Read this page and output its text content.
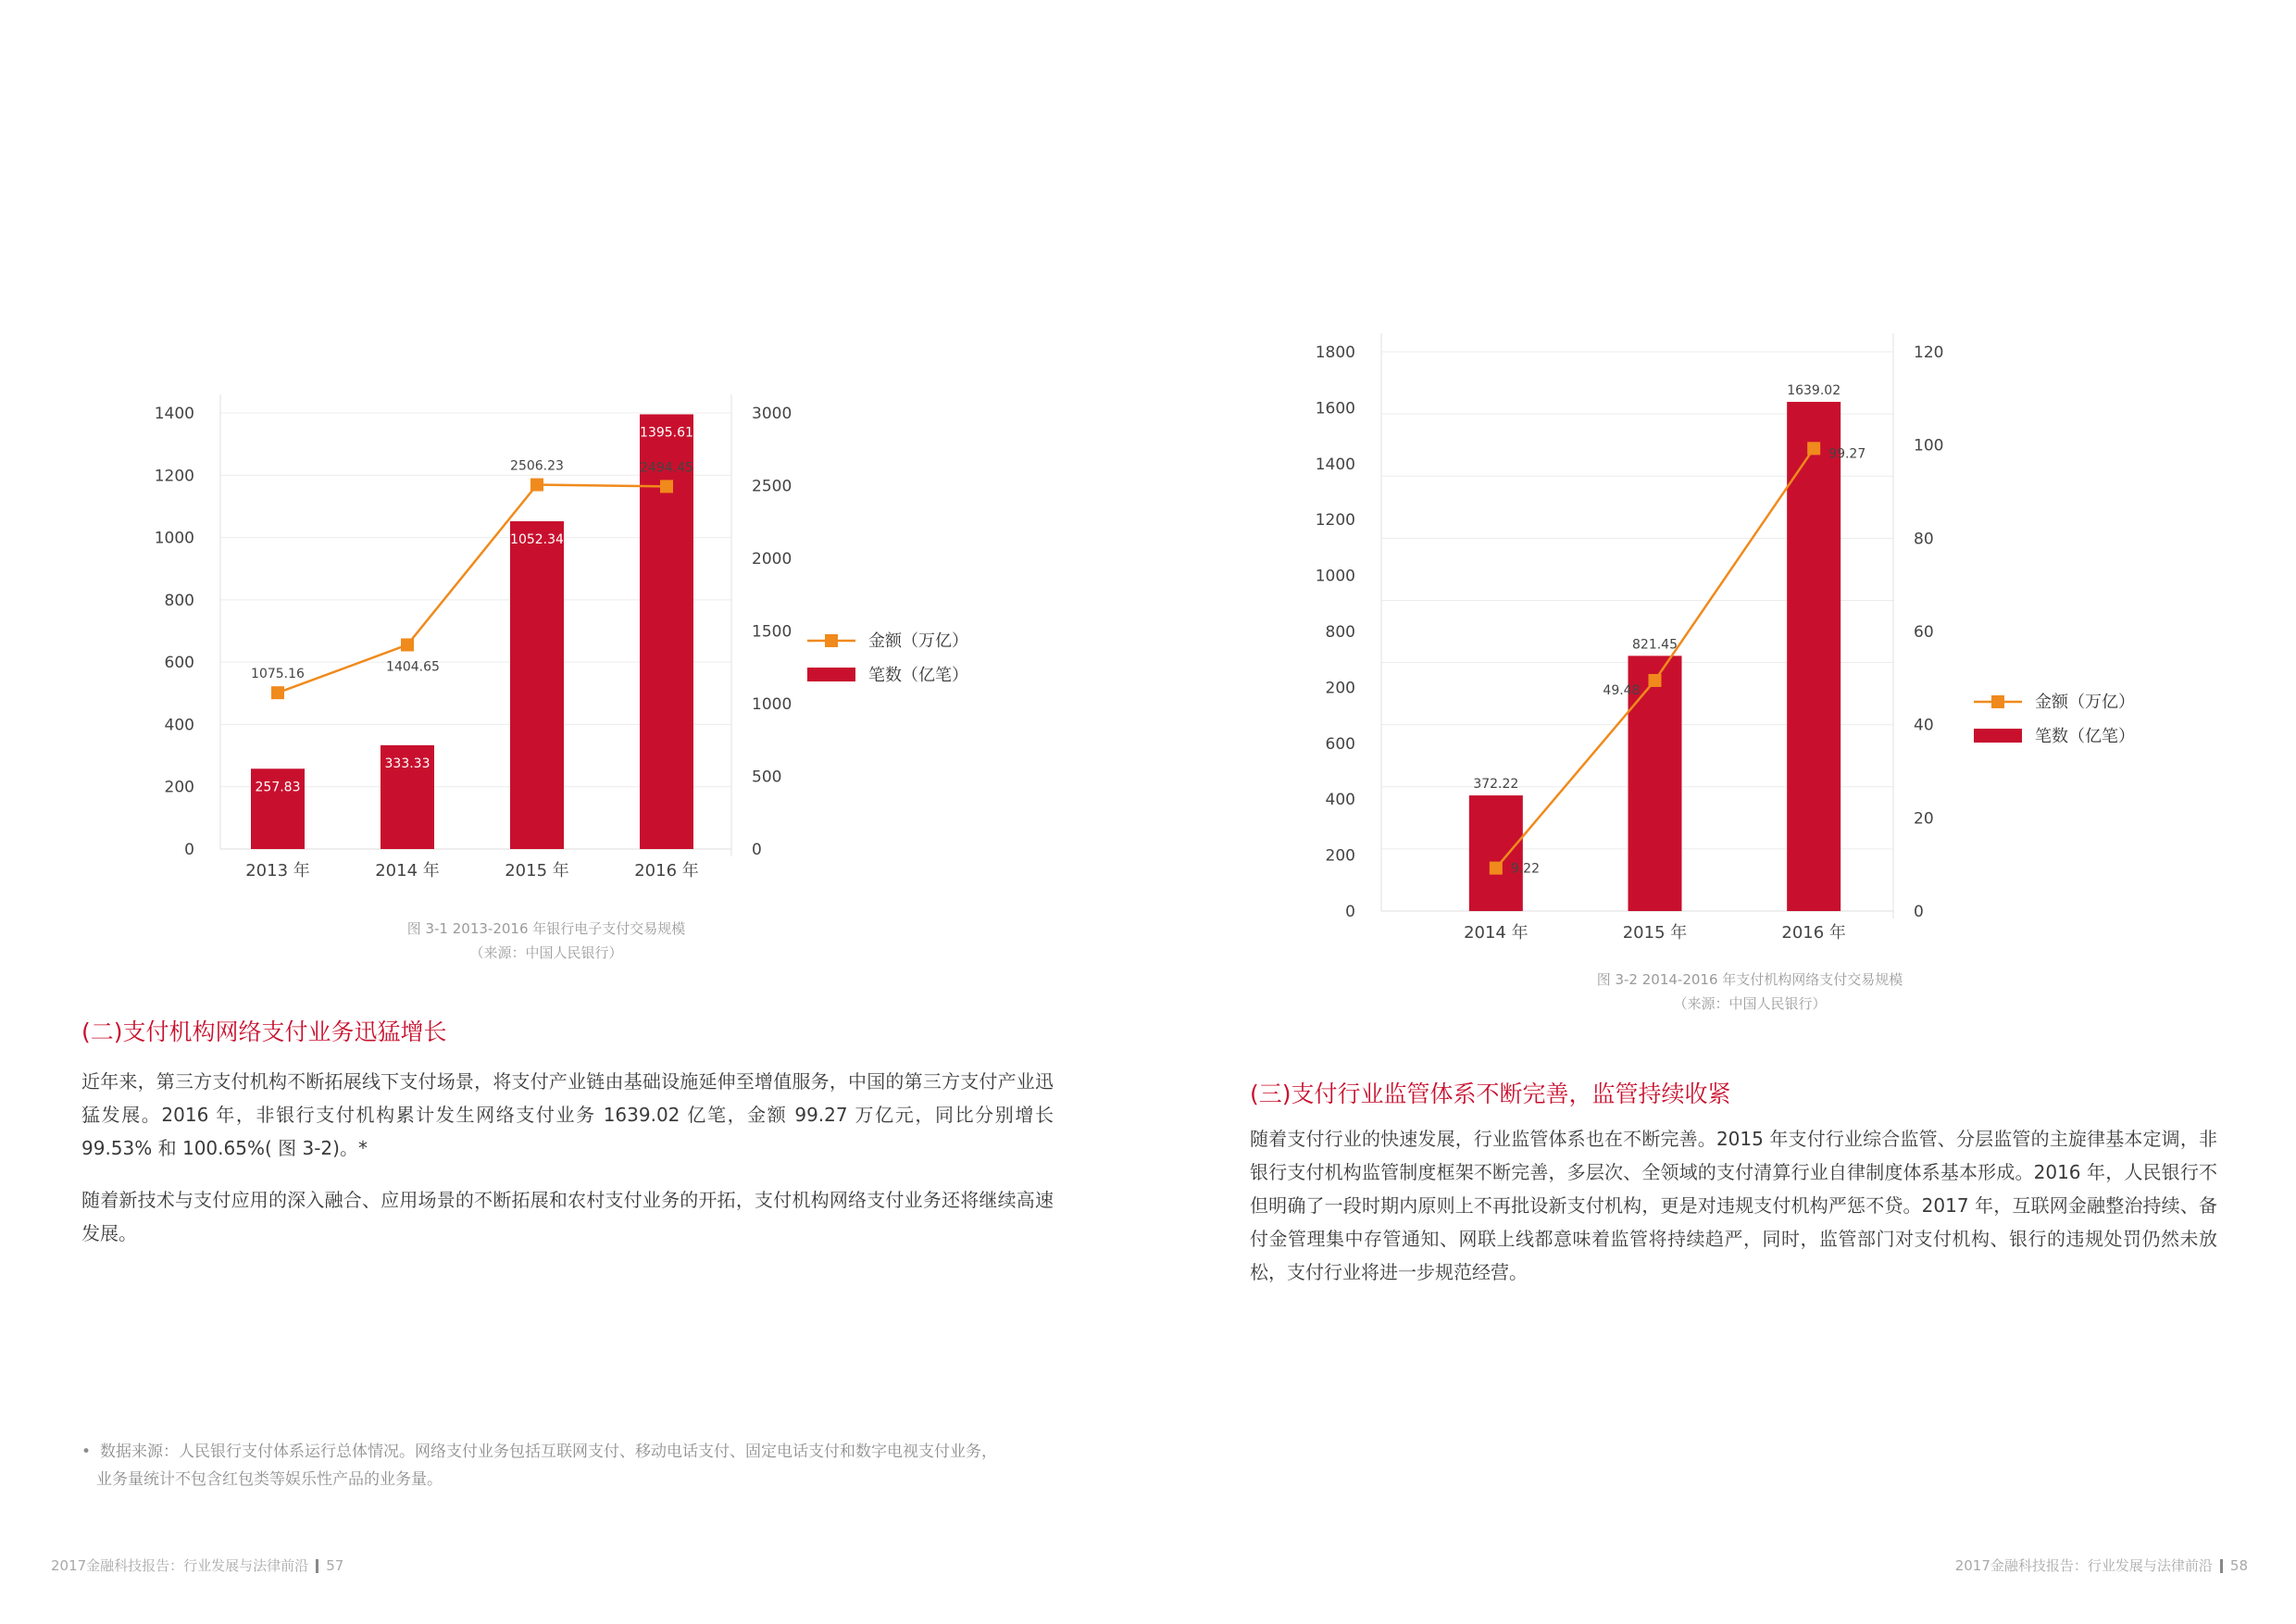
0
200
400
600
800
1000
1200
1400
0
500
1000
1500
2000
2500
3000
257.83
333.33
1052.34
1395.61
1075.16	1404.65
2506.23	2494.45
2013 年	2014 年	2015 年	2016 年
金额（万亿）
笔数（亿笔）
图 3-1 2013-2016 年银行电子支付交易规模
（来源：中国人民银行）
(二)支付机构网络支付业务迅猛增长

近年来，第三方支付机构不断拓展线下支付场景，将支付产业链由基础设施延伸至增值服务，中国的第三方支付产业迅猛发展。2016 年，非银行支付机构累计发生网络支付业务 1639.02 亿笔，金额 99.27 万亿元，同比分别增长 99.53% 和 100.65%( 图 3-2)。*

随着新技术与支付应用的深入融合、应用场景的不断拓展和农村支付业务的开拓，支付机构网络支付业务还将继续高速发展。

• 数据来源：人民银行支付体系运行总体情况。网络支付业务包括互联网支付、移动电话支付、固定电话支付和数字电视支付业务，
业务量统计不包含红包类等娱乐性产品的业务量。
2017金融科技报告：行业发展与法律前沿 57
0
200
400
600
200
800
1000
1200
1400
1600
1800
0
20
40
60
80
100
120
372.22
821.45
1639.02
9.22
49.48
99.27
2014 年	2015 年	2016 年
金额（万亿）
笔数（亿笔）
图 3-2 2014-2016 年支付机构网络支付交易规模
（来源：中国人民银行）
(三)支付行业监管体系不断完善，监管持续收紧

随着支付行业的快速发展，行业监管体系也在不断完善。2015 年支付行业综合监管、分层监管的主旋律基本定调，非银行支付机构监管制度框架不断完善，多层次、全领域的支付清算行业自律制度体系基本形成。2016 年，人民银行不但明确了一段时期内原则上不再批设新支付机构，更是对违规支付机构严惩不贷。2017 年，互联网金融整治持续、备付金管理集中存管通知、网联上线都意味着监管将持续趋严，同时，监管部门对支付机构、银行的违规处罚仍然未放松，支付行业将进一步规范经营。

2017金融科技报告：行业发展与法律前沿 58
